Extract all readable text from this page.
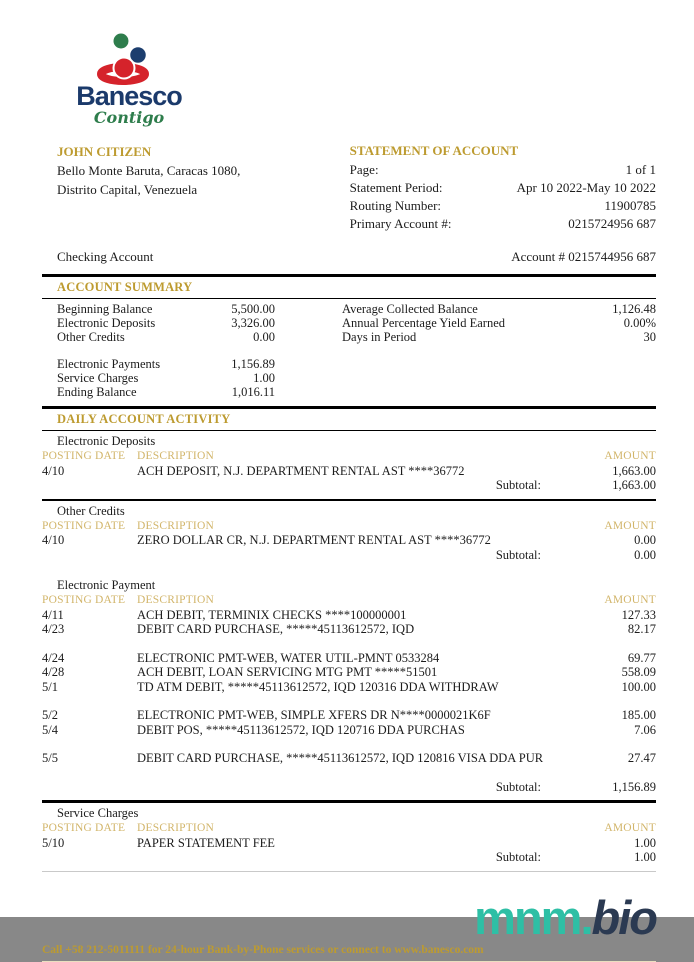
Banesco
Contigo
JOHN CITIZEN
Bello Monte Baruta, Caracas 1080,
Distrito Capital, Venezuela
STATEMENT OF ACCOUNT
Page:	1 of 1
Statement Period:	Apr 10 2022-May 10 2022
Routing Number:	11900785
Primary Account #:	0215724956 687
Checking Account	Account # 0215744956 687
ACCOUNT SUMMARY
Beginning Balance	5,500.00
Electronic Deposits	3,326.00
Other Credits	0.00
Electronic Payments	1,156.89
Service Charges	1.00
Ending Balance	1,016.11
Average Collected Balance	1,126.48
Annual Percentage Yield Earned	0.00%
Days in Period	30
DAILY ACCOUNT ACTIVITY
Electronic Deposits
POSTING DATE	DESCRIPTION	AMOUNT
4/10	ACH DEPOSIT, N.J. DEPARTMENT RENTAL AST ****36772	1,663.00
	Subtotal:	1,663.00
Other Credits
POSTING DATE	DESCRIPTION	AMOUNT
4/10	ZERO DOLLAR CR, N.J. DEPARTMENT RENTAL AST ****36772	0.00
	Subtotal:	0.00
Electronic Payment
POSTING DATE	DESCRIPTION	AMOUNT
4/11	ACH DEBIT, TERMINIX CHECKS ****100000001	127.33
4/23	DEBIT CARD PURCHASE, *****45113612572, IQD	82.17
4/24	ELECTRONIC PMT-WEB, WATER UTIL-PMNT 0533284	69.77
4/28	ACH DEBIT, LOAN SERVICING MTG PMT *****51501	558.09
5/1	TD ATM DEBIT, *****45113612572, IQD 120316 DDA WITHDRAW	100.00
5/2	ELECTRONIC PMT-WEB, SIMPLE XFERS DR N****0000021K6F	185.00
5/4	DEBIT POS, *****45113612572, IQD 120716 DDA PURCHAS	7.06
5/5	DEBIT CARD PURCHASE, *****45113612572, IQD 120816 VISA DDA PUR	27.47
	Subtotal:	1,156.89
Service Charges
POSTING DATE	DESCRIPTION	AMOUNT
5/10	PAPER STATEMENT FEE	1.00
	Subtotal:	1.00
mnm.bio
Call +58 212-5011111 for 24-hour Bank-by-Phone services or connect to www.banesco.com
